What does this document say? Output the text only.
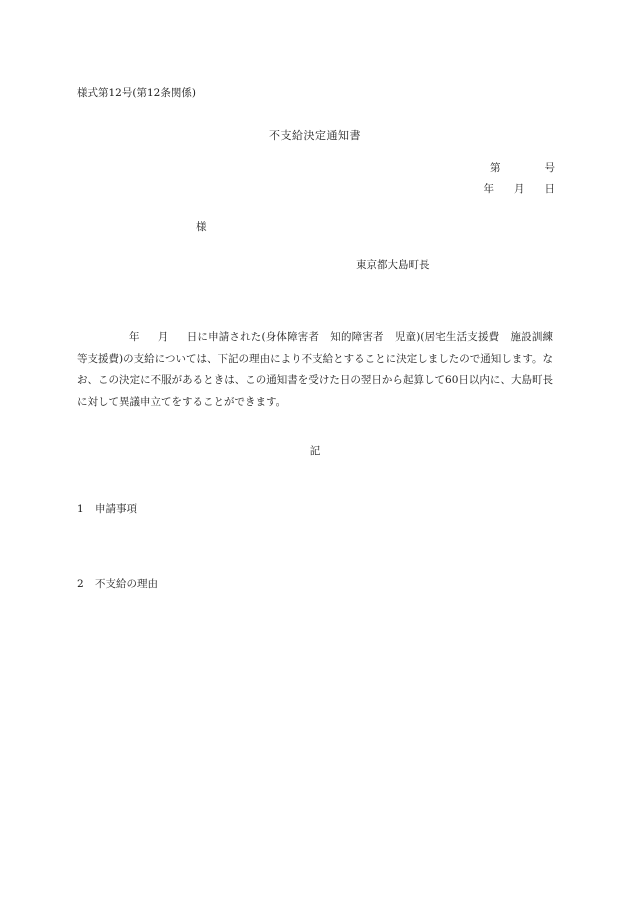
様式第12号(第12条関係)
不支給決定通知書
第	号
年 月 日
様
東京都大島町長
年 月 日に申請された(身体障害者 知的障害者 児童)(居宅生活支援費 施設訓練等支援費)の支給については、下記の理由により不支給とすることに決定しましたので通知します。なお、この決定に不服があるときは、この通知書を受けた日の翌日から起算して60日以内に、大島町長に対して異議申立てをすることができます。
記
1 申請事項
2 不支給の理由
